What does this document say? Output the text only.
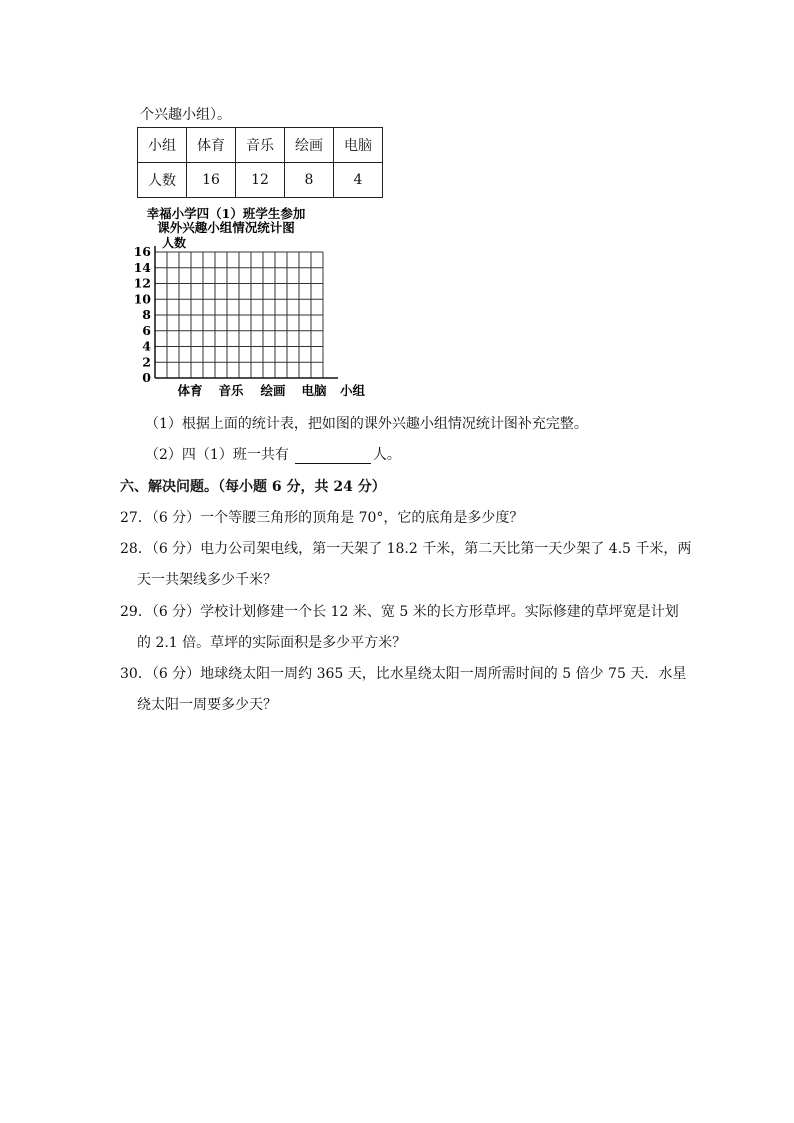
个兴趣小组）。
小组	体育	音乐	绘画	电脑
人数	16	12	8	4
幸福小学四（1）班学生参加
课外兴趣小组情况统计图
人数
0
2
4
6
8
10
12
14
16
体育 音乐 绘画 电脑 小组
（1）根据上面的统计表，把如图的课外兴趣小组情况统计图补充完整。
（2）四（1）班一共有	人。
六、解决问题。（每小题 6 分，共 24 分）
27．（6 分）一个等腰三角形的顶角是 70°，它的底角是多少度？
28．（6 分）电力公司架电线，第一天架了 18.2 千米，第二天比第一天少架了 4.5 千米，两
天一共架线多少千米？
29．（6 分）学校计划修建一个长 12 米、宽 5 米的长方形草坪。实际修建的草坪宽是计划
的 2.1 倍。草坪的实际面积是多少平方米？
30．（6 分）地球绕太阳一周约 365 天，比水星绕太阳一周所需时间的 5 倍少 75 天．水星
绕太阳一周要多少天？
